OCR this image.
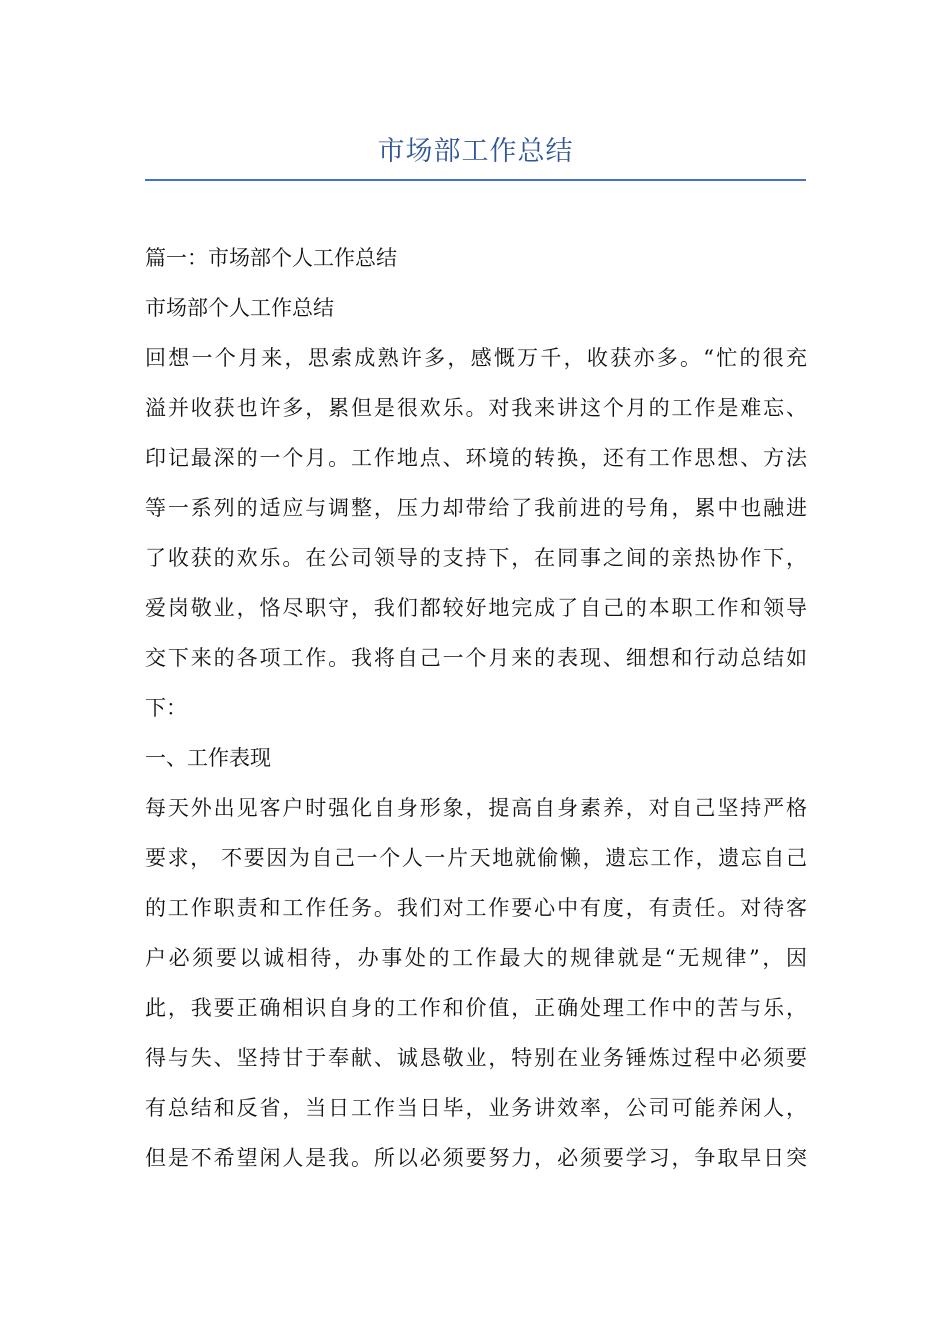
市场部工作总结
篇一：市场部个人工作总结
市场部个人工作总结
回想一个月来，思索成熟许多，感慨万千，收获亦多。“忙的很充
溢并收获也许多，累但是很欢乐。对我来讲这个月的工作是难忘、
印记最深的一个月。工作地点、环境的转换，还有工作思想、方法
等一系列的适应与调整，压力却带给了我前进的号角，累中也融进
了收获的欢乐。在公司领导的支持下，在同事之间的亲热协作下，
爱岗敬业，恪尽职守，我们都较好地完成了自己的本职工作和领导
交下来的各项工作。我将自己一个月来的表现、细想和行动总结如
下：
一、工作表现
每天外出见客户时强化自身形象，提高自身素养，对自己坚持严格
要求， 不要因为自己一个人一片天地就偷懒，遗忘工作，遗忘自己
的工作职责和工作任务。我们对工作要心中有度，有责任。对待客
户必须要以诚相待，办事处的工作最大的规律就是“无规律”，因
此，我要正确相识自身的工作和价值，正确处理工作中的苦与乐，
得与失、坚持甘于奉献、诚恳敬业，特别在业务锤炼过程中必须要
有总结和反省，当日工作当日毕，业务讲效率，公司可能养闲人，
但是不希望闲人是我。所以必须要努力，必须要学习，争取早日突
